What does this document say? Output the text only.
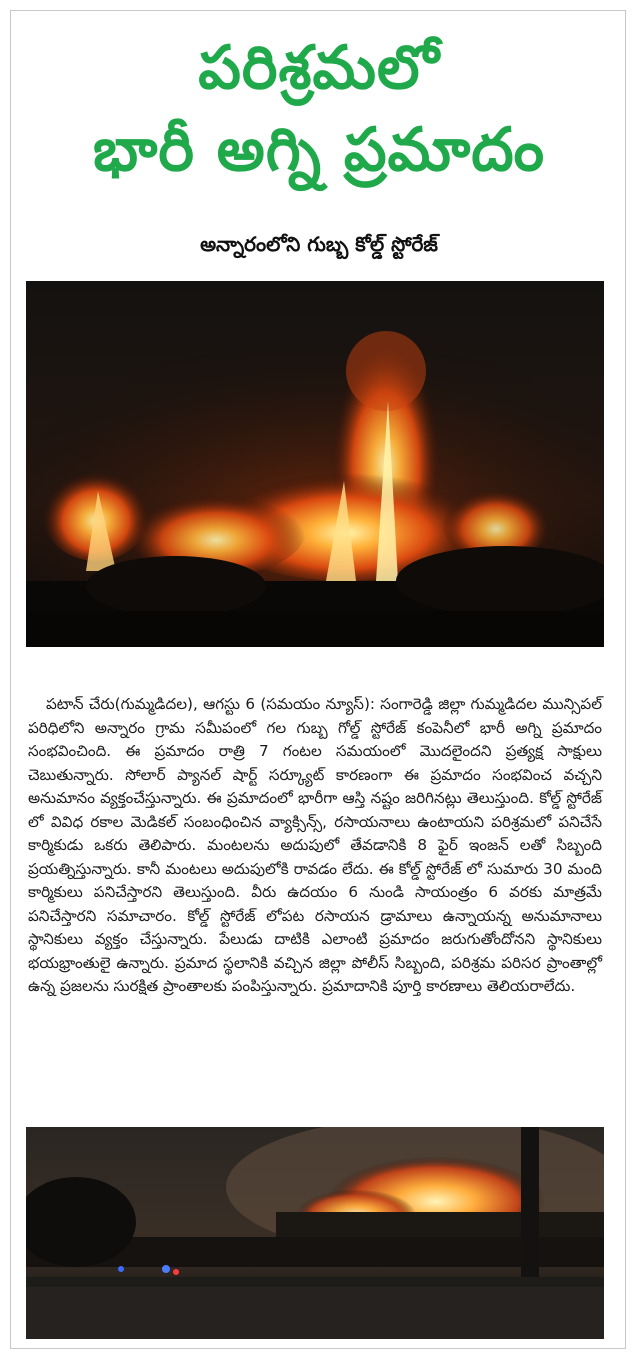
పరిశ్రమలో
భారీ అగ్ని ప్రమాదం
అన్నారంలోని గుబ్బ కోల్డ్ స్టోరేజ్

పటాన్ చేరు(గుమ్మడిదల), ఆగస్టు 6 (సమయం న్యూస్): సంగారెడ్డి జిల్లా గుమ్మడిదల మున్సిపల్ పరిధిలోని అన్నారం గ్రామ సమీపంలో గల గుబ్బ గోల్డ్ స్టోరేజ్ కంపెనీలో భారీ అగ్ని ప్రమాదం సంభవించింది. ఈ ప్రమాదం రాత్రి 7 గంటల సమయంలో మొదలైందని ప్రత్యక్ష సాక్షులు చెబుతున్నారు. సోలార్ ప్యానల్ షార్ట్ సర్క్యూట్ కారణంగా ఈ ప్రమాదం సంభవించ వచ్చని అనుమానం వ్యక్తంచేస్తున్నారు. ఈ ప్రమాదంలో భారీగా ఆస్తి నష్టం జరిగినట్లు తెలుస్తుంది. కోల్డ్ స్టోరేజ్ లో వివిధ రకాల మెడికల్ సంబంధించిన వ్యాక్సిన్స్, రసాయనాలు ఉంటాయని పరిశ్రమలో పనిచేసే కార్మికుడు ఒకరు తెలిపారు. మంటలను అదుపులో తేవడానికి 8 ఫైర్ ఇంజన్ లతో సిబ్బంది ప్రయత్నిస్తున్నారు. కానీ మంటలు అదుపులోకి రావడం లేదు. ఈ కోల్డ్ స్టోరేజ్ లో సుమారు 30 మంది కార్మికులు పనిచేస్తారని తెలుస్తుంది. వీరు ఉదయం 6 నుండి సాయంత్రం 6 వరకు మాత్రమే పనిచేస్తారని సమాచారం. కోల్డ్ స్టోరేజ్ లోపట రసాయన డ్రామాలు ఉన్నాయన్న అనుమానాలు స్థానికులు వ్యక్తం చేస్తున్నారు. పేలుడు దాటికి ఎలాంటి ప్రమాదం జరుగుతోందోనని స్థానికులు భయభ్రాంతులై ఉన్నారు. ప్రమాద స్థలానికి వచ్చిన జిల్లా పోలీస్ సిబ్బంది, పరిశ్రమ పరిసర ప్రాంతాల్లో ఉన్న ప్రజలను సురక్షిత ప్రాంతాలకు పంపిస్తున్నారు. ప్రమాదానికి పూర్తి కారణాలు తెలియరాలేదు.
